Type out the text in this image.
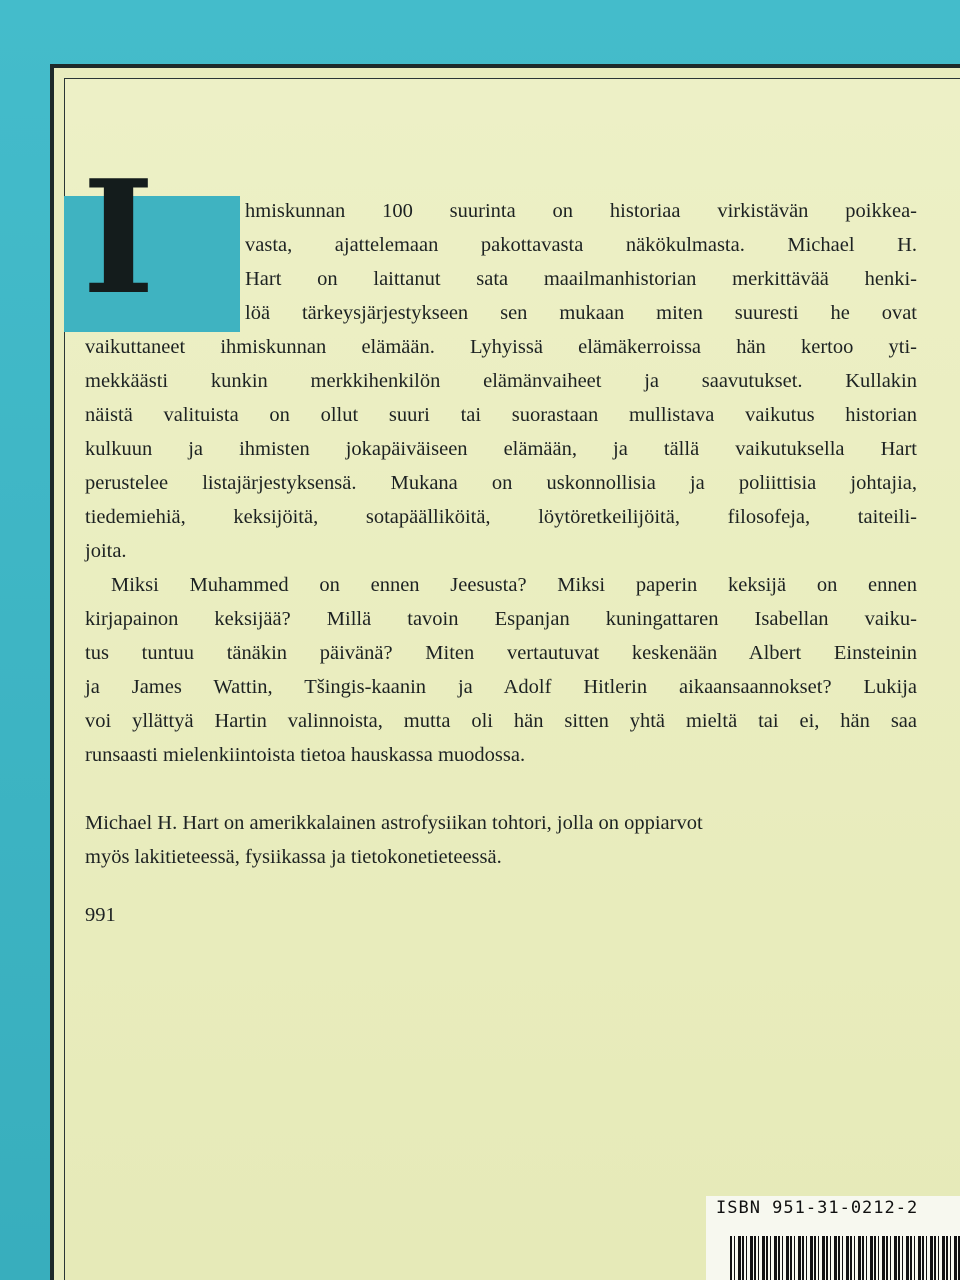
hmiskunnan 100 suurinta on historiaa virkistävän poikkea-
vasta, ajattelemaan pakottavasta näkökulmasta. Michael H.
Hart on laittanut sata maailmanhistorian merkittävää henki-
löä tärkeysjärjestykseen sen mukaan miten suuresti he ovat
vaikuttaneet ihmiskunnan elämään. Lyhyissä elämäkerroissa hän kertoo yti-
mekkäästi kunkin merkkihenkilön elämänvaiheet ja saavutukset. Kullakin
näistä valituista on ollut suuri tai suorastaan mullistava vaikutus historian
kulkuun ja ihmisten jokapäiväiseen elämään, ja tällä vaikutuksella Hart
perustelee listajärjestyksensä. Mukana on uskonnollisia ja poliittisia johtajia,
tiedemiehiä, keksijöitä, sotapäälliköitä, löytöretkeilijöitä, filosofeja, taiteili-
joita.
Miksi Muhammed on ennen Jeesusta? Miksi paperin keksijä on ennen
kirjapainon keksijää? Millä tavoin Espanjan kuningattaren Isabellan vaiku-
tus tuntuu tänäkin päivänä? Miten vertautuvat keskenään Albert Einsteinin
ja James Wattin, Tšingis-kaanin ja Adolf Hitlerin aikaansaannokset? Lukija
voi yllättyä Hartin valinnoista, mutta oli hän sitten yhtä mieltä tai ei, hän saa
runsaasti mielenkiintoista tietoa hauskassa muodossa.
Michael H. Hart on amerikkalainen astrofysiikan tohtori, jolla on oppiarvot
myös lakitieteessä, fysiikassa ja tietokonetieteessä.
991
ISBN 951-31-0212-2
